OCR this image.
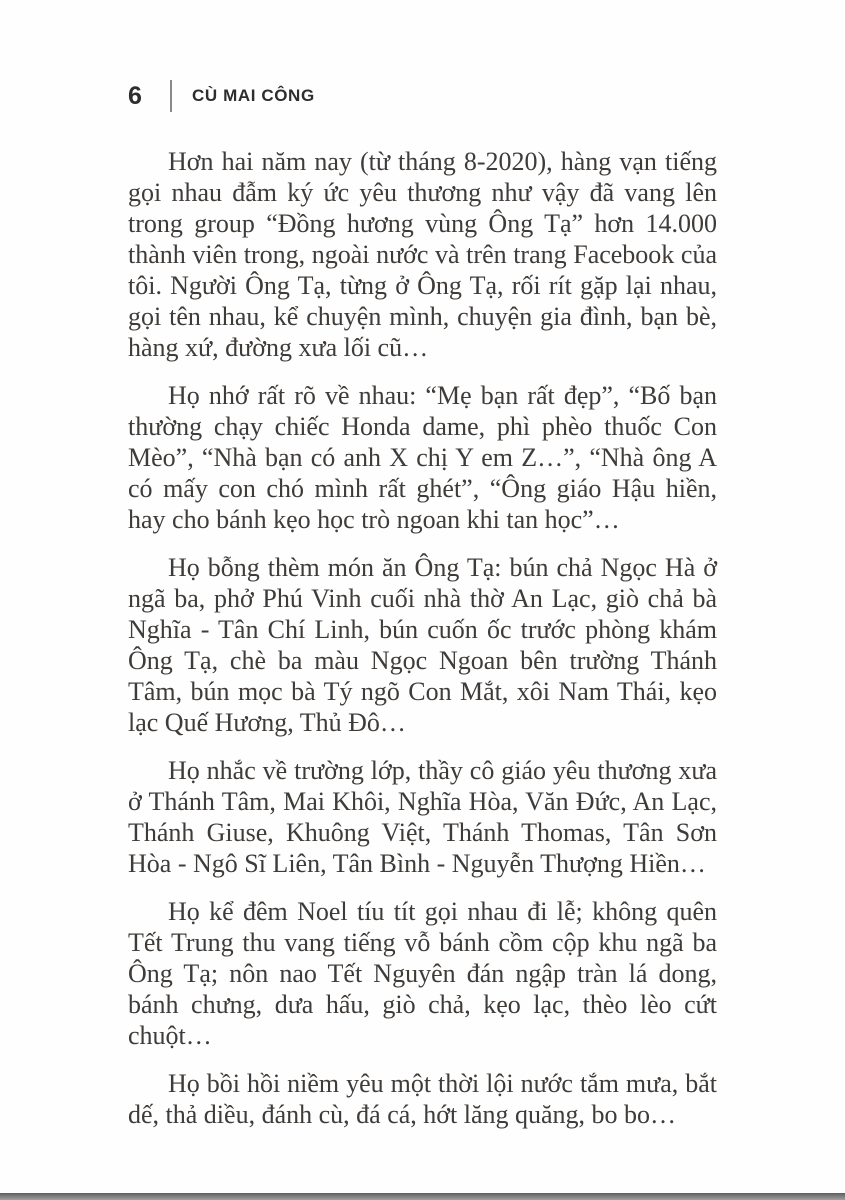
6	CÙ MAI CÔNG

Hơn hai năm nay (từ tháng 8-2020), hàng vạn tiếng gọi nhau đẫm ký ức yêu thương như vậy đã vang lên trong group “Đồng hương vùng Ông Tạ” hơn 14.000 thành viên trong, ngoài nước và trên trang Facebook của tôi. Người Ông Tạ, từng ở Ông Tạ, rối rít gặp lại nhau, gọi tên nhau, kể chuyện mình, chuyện gia đình, bạn bè, hàng xứ, đường xưa lối cũ…

Họ nhớ rất rõ về nhau: “Mẹ bạn rất đẹp”, “Bố bạn thường chạy chiếc Honda dame, phì phèo thuốc Con Mèo”, “Nhà bạn có anh X chị Y em Z…”, “Nhà ông A có mấy con chó mình rất ghét”, “Ông giáo Hậu hiền, hay cho bánh kẹo học trò ngoan khi tan học”…

Họ bỗng thèm món ăn Ông Tạ: bún chả Ngọc Hà ở ngã ba, phở Phú Vinh cuối nhà thờ An Lạc, giò chả bà Nghĩa - Tân Chí Linh, bún cuốn ốc trước phòng khám Ông Tạ, chè ba màu Ngọc Ngoan bên trường Thánh Tâm, bún mọc bà Tý ngõ Con Mắt, xôi Nam Thái, kẹo lạc Quế Hương, Thủ Đô…

Họ nhắc về trường lớp, thầy cô giáo yêu thương xưa ở Thánh Tâm, Mai Khôi, Nghĩa Hòa, Văn Đức, An Lạc, Thánh Giuse, Khuông Việt, Thánh Thomas, Tân Sơn Hòa - Ngô Sĩ Liên, Tân Bình - Nguyễn Thượng Hiền…

Họ kể đêm Noel tíu tít gọi nhau đi lễ; không quên Tết Trung thu vang tiếng vỗ bánh cồm cộp khu ngã ba Ông Tạ; nôn nao Tết Nguyên đán ngập tràn lá dong, bánh chưng, dưa hấu, giò chả, kẹo lạc, thèo lèo cứt chuột…

Họ bồi hồi niềm yêu một thời lội nước tắm mưa, bắt dế, thả diều, đánh cù, đá cá, hớt lăng quăng, bo bo…
